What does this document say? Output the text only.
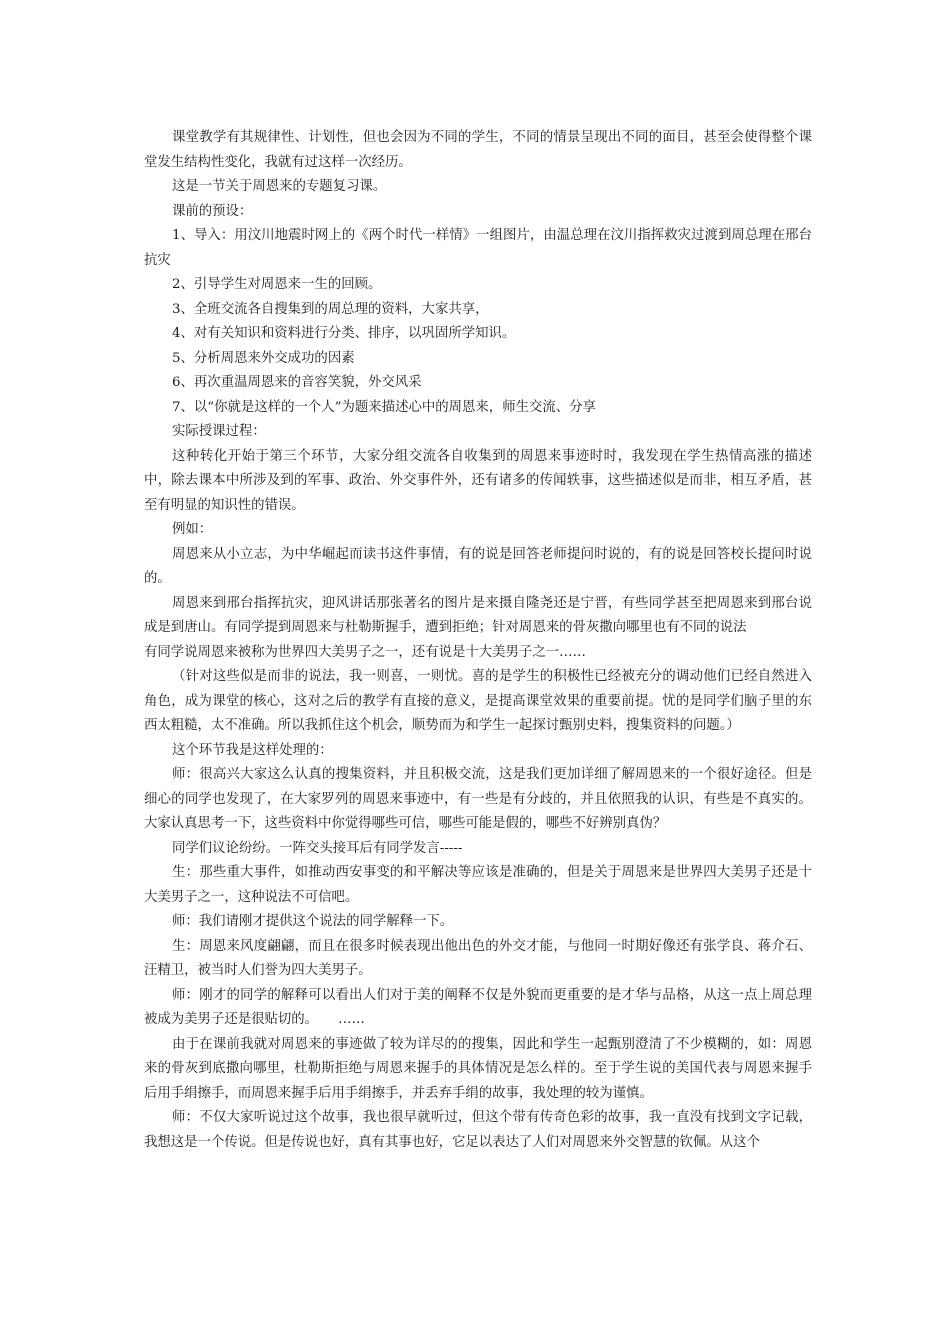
课堂教学有其规律性、计划性，但也会因为不同的学生，不同的情景呈现出不同的面目，甚至会使得整个课堂发生结构性变化，我就有过这样一次经历。

这是一节关于周恩来的专题复习课。

课前的预设：

1、导入：用汶川地震时网上的《两个时代一样情》一组图片，由温总理在汶川指挥救灾过渡到周总理在邢台抗灾

2、引导学生对周恩来一生的回顾。

3、全班交流各自搜集到的周总理的资料，大家共享，

4、对有关知识和资料进行分类、排序，以巩固所学知识。

5、分析周恩来外交成功的因素

6、再次重温周恩来的音容笑貌，外交风采

7、以“你就是这样的一个人”为题来描述心中的周恩来，师生交流、分享

实际授课过程：

这种转化开始于第三个环节，大家分组交流各自收集到的周恩来事迹时时，我发现在学生热情高涨的描述中，除去课本中所涉及到的军事、政治、外交事件外，还有诸多的传闻轶事，这些描述似是而非，相互矛盾，甚至有明显的知识性的错误。

例如：

周恩来从小立志，为中华崛起而读书这件事情，有的说是回答老师提问时说的，有的说是回答校长提问时说的。

周恩来到邢台指挥抗灾，迎风讲话那张著名的图片是来摄自隆尧还是宁晋，有些同学甚至把周恩来到邢台说成是到唐山。有同学提到周恩来与杜勒斯握手，遭到拒绝；针对周恩来的骨灰撒向哪里也有不同的说法

有同学说周恩来被称为世界四大美男子之一，还有说是十大美男子之一……

（针对这些似是而非的说法，我一则喜，一则忧。喜的是学生的积极性已经被充分的调动他们已经自然进入角色，成为课堂的核心，这对之后的教学有直接的意义，是提高课堂效果的重要前提。忧的是同学们脑子里的东西太粗糙，太不准确。所以我抓住这个机会，顺势而为和学生一起探讨甄别史料，搜集资料的问题。）

这个环节我是这样处理的：

师：很高兴大家这么认真的搜集资料，并且积极交流，这是我们更加详细了解周恩来的一个很好途径。但是细心的同学也发现了，在大家罗列的周恩来事迹中，有一些是有分歧的，并且依照我的认识，有些是不真实的。大家认真思考一下，这些资料中你觉得哪些可信，哪些可能是假的，哪些不好辨别真伪？

同学们议论纷纷。一阵交头接耳后有同学发言-----

生：那些重大事件，如推动西安事变的和平解决等应该是准确的，但是关于周恩来是世界四大美男子还是十大美男子之一，这种说法不可信吧。

师：我们请刚才提供这个说法的同学解释一下。

生：周恩来风度翩翩，而且在很多时候表现出他出色的外交才能，与他同一时期好像还有张学良、蒋介石、汪精卫，被当时人们誉为四大美男子。

师：刚才的同学的解释可以看出人们对于美的阐释不仅是外貌而更重要的是才华与品格，从这一点上周总理被成为美男子还是很贴切的。　　……

由于在课前我就对周恩来的事迹做了较为详尽的的搜集，因此和学生一起甄别澄清了不少模糊的，如：周恩来的骨灰到底撒向哪里，杜勒斯拒绝与周恩来握手的具体情况是怎么样的。至于学生说的美国代表与周恩来握手后用手绢擦手，而周恩来握手后用手绢擦手，并丢弃手绢的故事，我处理的较为谨慎。

师：不仅大家听说过这个故事，我也很早就听过，但这个带有传奇色彩的故事，我一直没有找到文字记载，我想这是一个传说。但是传说也好，真有其事也好，它足以表达了人们对周恩来外交智慧的钦佩。从这个
